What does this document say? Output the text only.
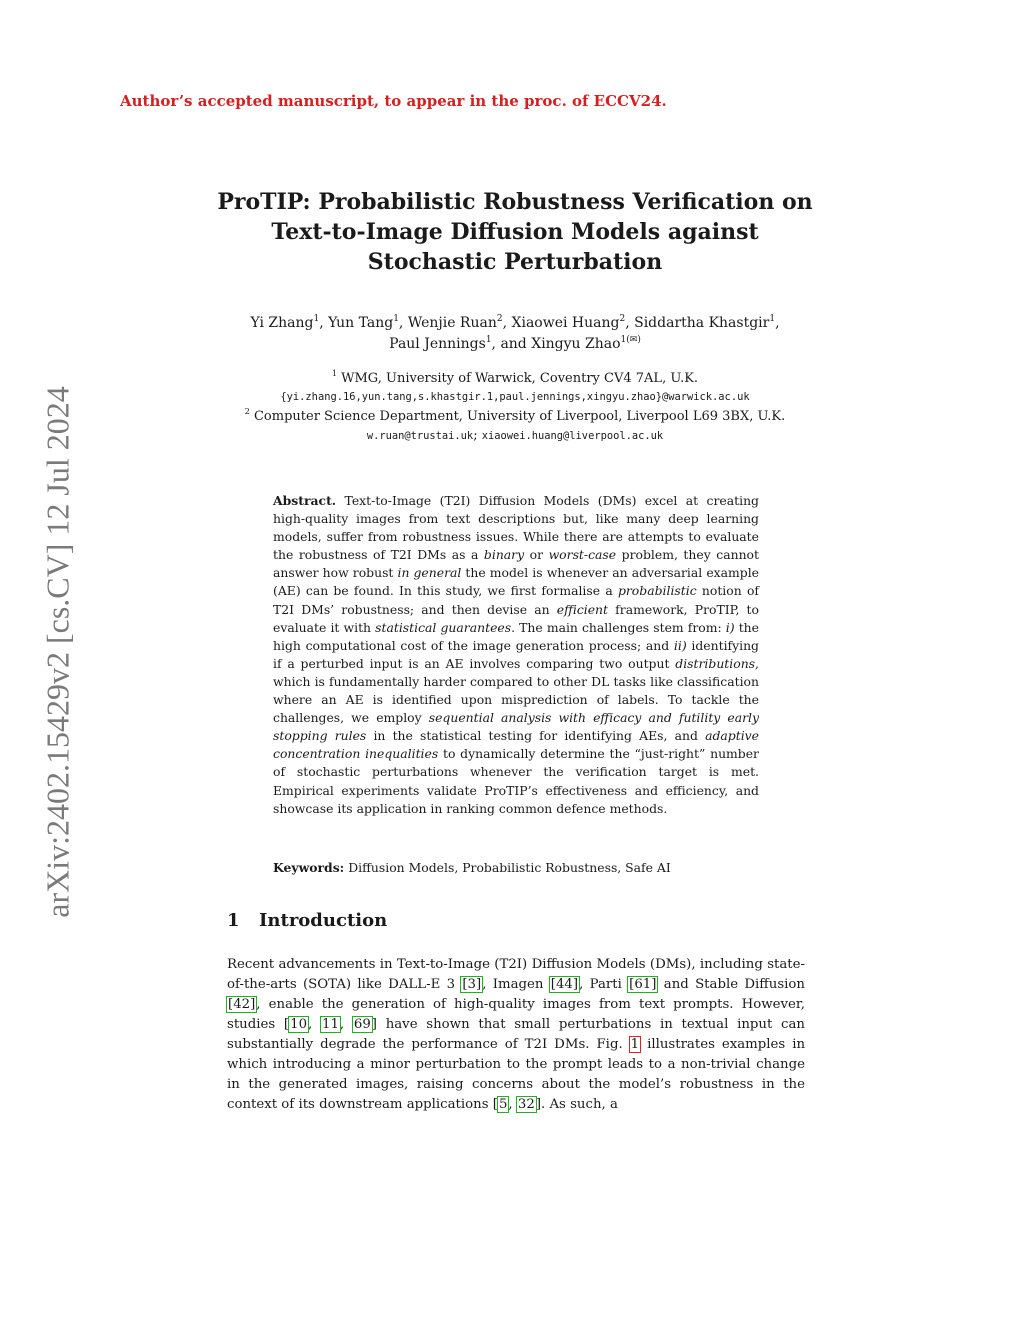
Author’s accepted manuscript, to appear in the proc. of ECCV24.
arXiv:2402.15429v2 [cs.CV] 12 Jul 2024
ProTIP: Probabilistic Robustness Verification on
Text-to-Image Diffusion Models against
Stochastic Perturbation
Yi Zhang$^1$, Yun Tang$^1$, Wenjie Ruan$^2$, Xiaowei Huang$^2$, Siddartha Khastgir$^1$,
Paul Jennings$^1$, and Xingyu Zhao$^{1(✉)}$
$^1$ WMG, University of Warwick, Coventry CV4 7AL, U.K.
{yi.zhang.16,yun.tang,s.khastgir.1,paul.jennings,xingyu.zhao}@warwick.ac.uk
$^2$ Computer Science Department, University of Liverpool, Liverpool L69 3BX, U.K.
w.ruan@trustai.uk; xiaowei.huang@liverpool.ac.uk
Abstract. Text-to-Image (T2I) Diffusion Models (DMs) excel at creating high-quality images from text descriptions but, like many deep learning models, suffer from robustness issues. While there are attempts to evaluate the robustness of T2I DMs as a binary or worst-case problem, they cannot answer how robust in general the model is whenever an adversarial example (AE) can be found. In this study, we first formalise a probabilistic notion of T2I DMs’ robustness; and then devise an efficient framework, ProTIP, to evaluate it with statistical guarantees. The main challenges stem from: i) the high computational cost of the image generation process; and ii) identifying if a perturbed input is an AE involves comparing two output distributions, which is fundamentally harder compared to other DL tasks like classification where an AE is identified upon misprediction of labels. To tackle the challenges, we employ sequential analysis with efficacy and futility early stopping rules in the statistical testing for identifying AEs, and adaptive concentration inequalities to dynamically determine the “just-right” number of stochastic perturbations whenever the verification target is met. Empirical experiments validate ProTIP’s effectiveness and efficiency, and showcase its application in ranking common defence methods.
Keywords: Diffusion Models, Probabilistic Robustness, Safe AI
1 Introduction
Recent advancements in Text-to-Image (T2I) Diffusion Models (DMs), including state-of-the-arts (SOTA) like DALL-E 3 [3], Imagen [44], Parti [61] and Stable Diffusion [42], enable the generation of high-quality images from text prompts. However, studies [10, 11, 69] have shown that small perturbations in textual input can substantially degrade the performance of T2I DMs. Fig. 1 illustrates examples in which introducing a minor perturbation to the prompt leads to a non-trivial change in the generated images, raising concerns about the model’s robustness in the context of its downstream applications [5, 32]. As such, a
